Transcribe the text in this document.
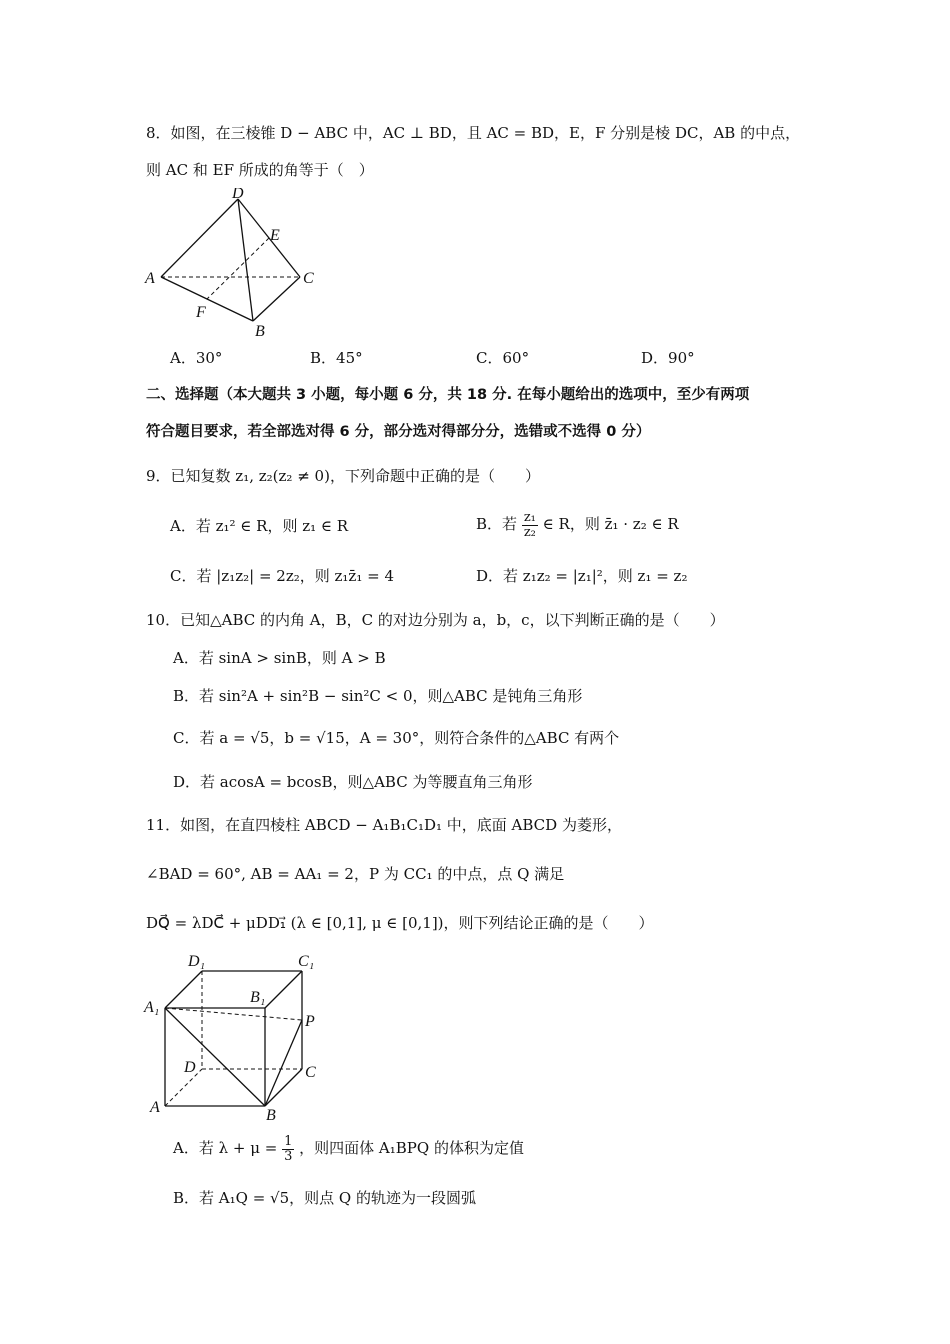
8．如图，在三棱锥 D − ABC 中，AC ⊥ BD，且 AC = BD，E，F 分别是棱 DC，AB 的中点，
则 AC 和 EF 所成的角等于（　）
D
E
A	C
F
B
A．30°	B．45°	C．60°	D．90°
二、选择题（本大题共 3 小题，每小题 6 分，共 18 分. 在每小题给出的选项中，至少有两项
符合题目要求，若全部选对得 6 分，部分选对得部分分，选错或不选得 0 分）
9．已知复数 z₁, z₂(z₂ ≠ 0)，下列命题中正确的是（　　）
A．若 z₁² ∈ R，则 z₁ ∈ R	B．若 $\frac{\text{z₁}}{\text{z₂}}$ ∈ R，则 z̄₁ · z₂ ∈ R
C．若 |z₁z₂| = 2z₂，则 z₁z̄₁ = 4	D．若 z₁z₂ = |z₁|²，则 z₁ = z₂
10．已知△ABC 的内角 A，B，C 的对边分别为 a，b，c，以下判断正确的是（　　）
A．若 sinA > sinB，则 A > B
B．若 sin²A + sin²B − sin²C < 0，则△ABC 是钝角三角形
C．若 a = √5，b = √15，A = 30°，则符合条件的△ABC 有两个
D．若 acosA = bcosB，则△ABC 为等腰直角三角形
11．如图，在直四棱柱 ABCD − A₁B₁C₁D₁ 中，底面 ABCD 为菱形，
∠BAD = 60°, AB = AA₁ = 2，P 为 CC₁ 的中点，点 Q 满足
DQ⃗ = λDC⃗ + μDD₁⃗ (λ ∈ [0,1], μ ∈ [0,1])，则下列结论正确的是（　　）
D₁	C₁
B₁
A₁
P
D	C
A	B
A．若 $\lambda + \mu = \frac{1}{3}$ ，则四面体 A₁BPQ 的体积为定值
B．若 A₁Q = √5，则点 Q 的轨迹为一段圆弧
